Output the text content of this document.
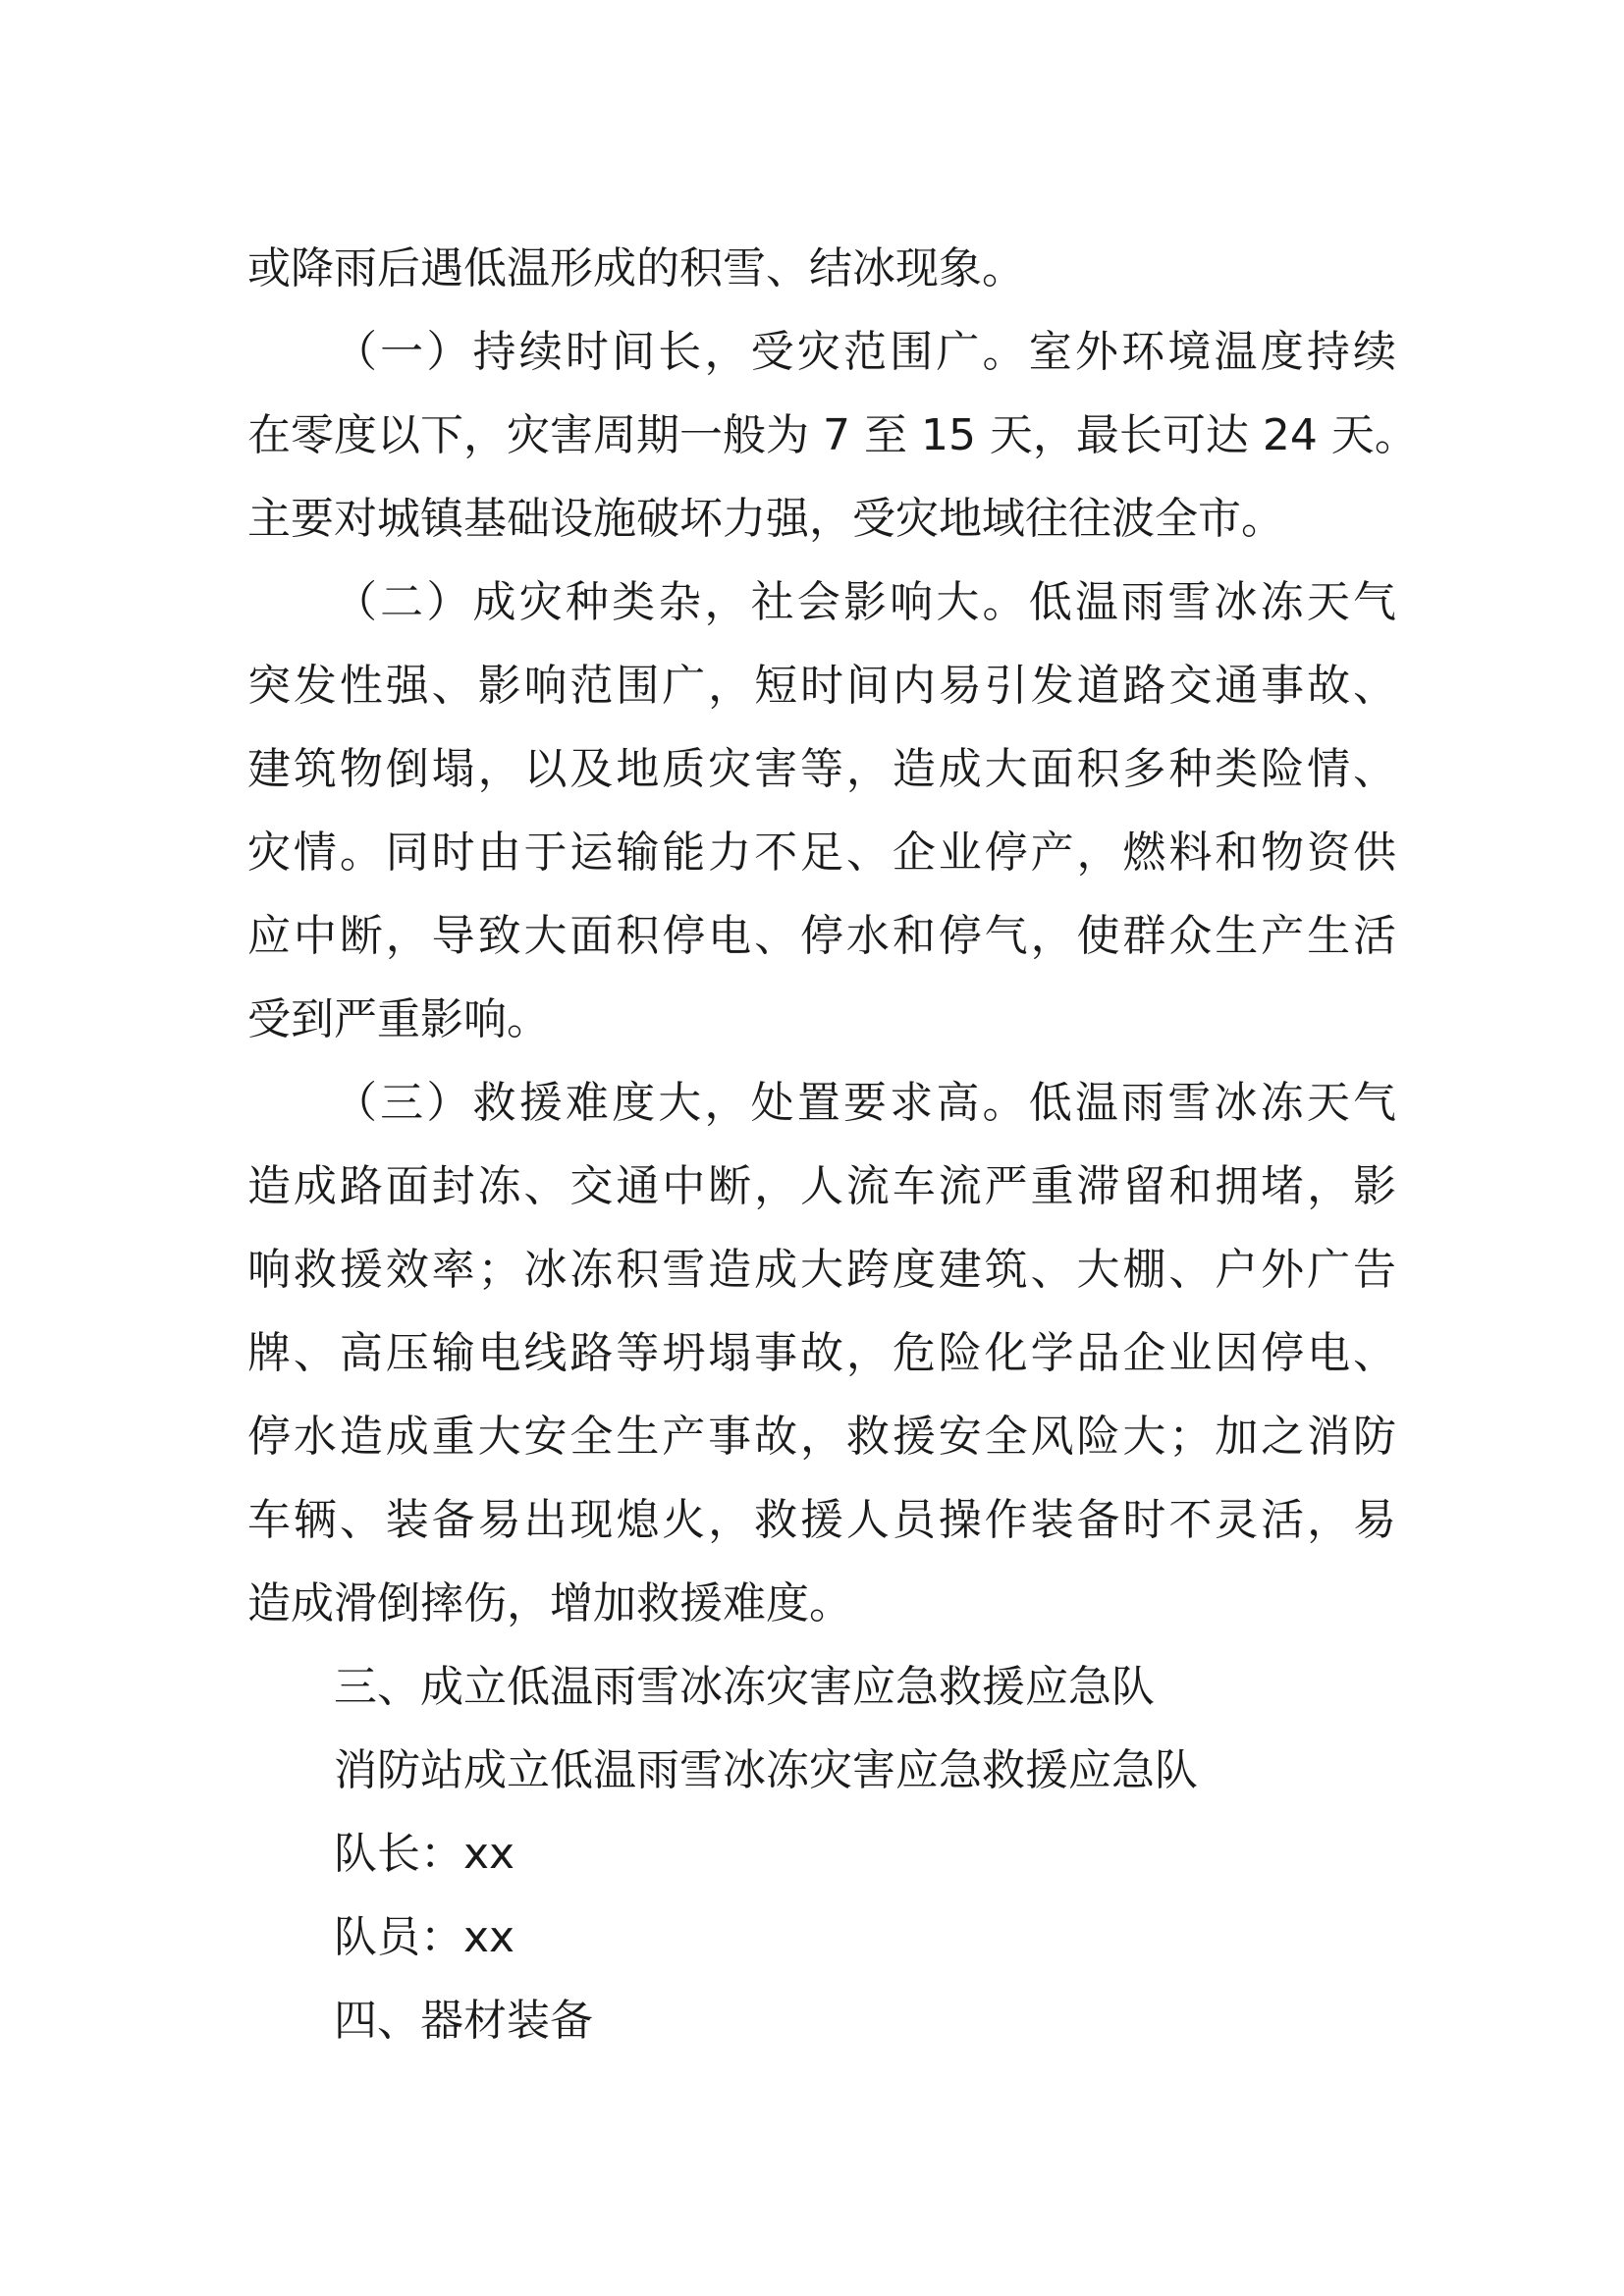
或降雨后遇低温形成的积雪、结冰现象。
（一）持续时间长，受灾范围广。室外环境温度持续
在零度以下，灾害周期一般为 7 至 15 天，最长可达 24 天。
主要对城镇基础设施破坏力强，受灾地域往往波全市。
（二）成灾种类杂，社会影响大。低温雨雪冰冻天气
突发性强、影响范围广，短时间内易引发道路交通事故、
建筑物倒塌，以及地质灾害等，造成大面积多种类险情、
灾情。同时由于运输能力不足、企业停产，燃料和物资供
应中断，导致大面积停电、停水和停气，使群众生产生活
受到严重影响。
（三）救援难度大，处置要求高。低温雨雪冰冻天气
造成路面封冻、交通中断，人流车流严重滞留和拥堵，影
响救援效率；冰冻积雪造成大跨度建筑、大棚、户外广告
牌、高压输电线路等坍塌事故，危险化学品企业因停电、
停水造成重大安全生产事故，救援安全风险大；加之消防
车辆、装备易出现熄火，救援人员操作装备时不灵活，易
造成滑倒摔伤，增加救援难度。
三、成立低温雨雪冰冻灾害应急救援应急队
消防站成立低温雨雪冰冻灾害应急救援应急队
队长：xx
队员：xx
四、器材装备
